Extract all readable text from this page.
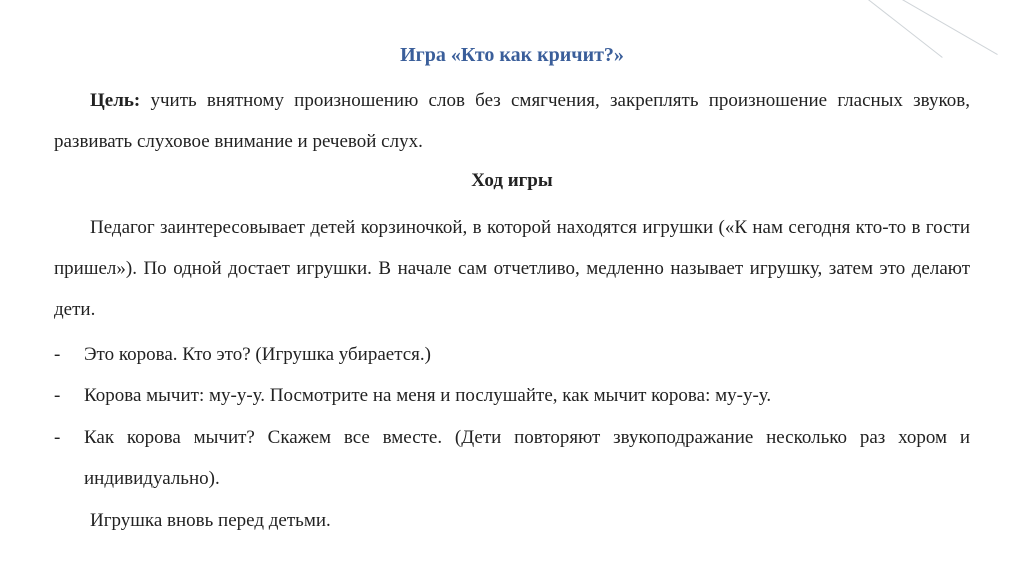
Игра «Кто как кричит?»
Цель: учить внятному произношению слов без смягчения, закреплять произношение гласных звуков, развивать слуховое внимание и речевой слух.
Ход игры
Педагог заинтересовывает детей корзиночкой, в которой находятся игрушки («К нам сегодня кто-то в гости пришел»). По одной достает игрушки. В начале сам отчетливо, медленно называет игрушку, затем это делают дети.
- Это корова. Кто это? (Игрушка убирается.)
- Корова мычит: му-у-у. Посмотрите на меня и послушайте, как мычит корова: му-у-у.
- Как корова мычит? Скажем все вместе. (Дети повторяют звукоподражание несколько раз хором и индивидуально).
Игрушка вновь перед детьми.
